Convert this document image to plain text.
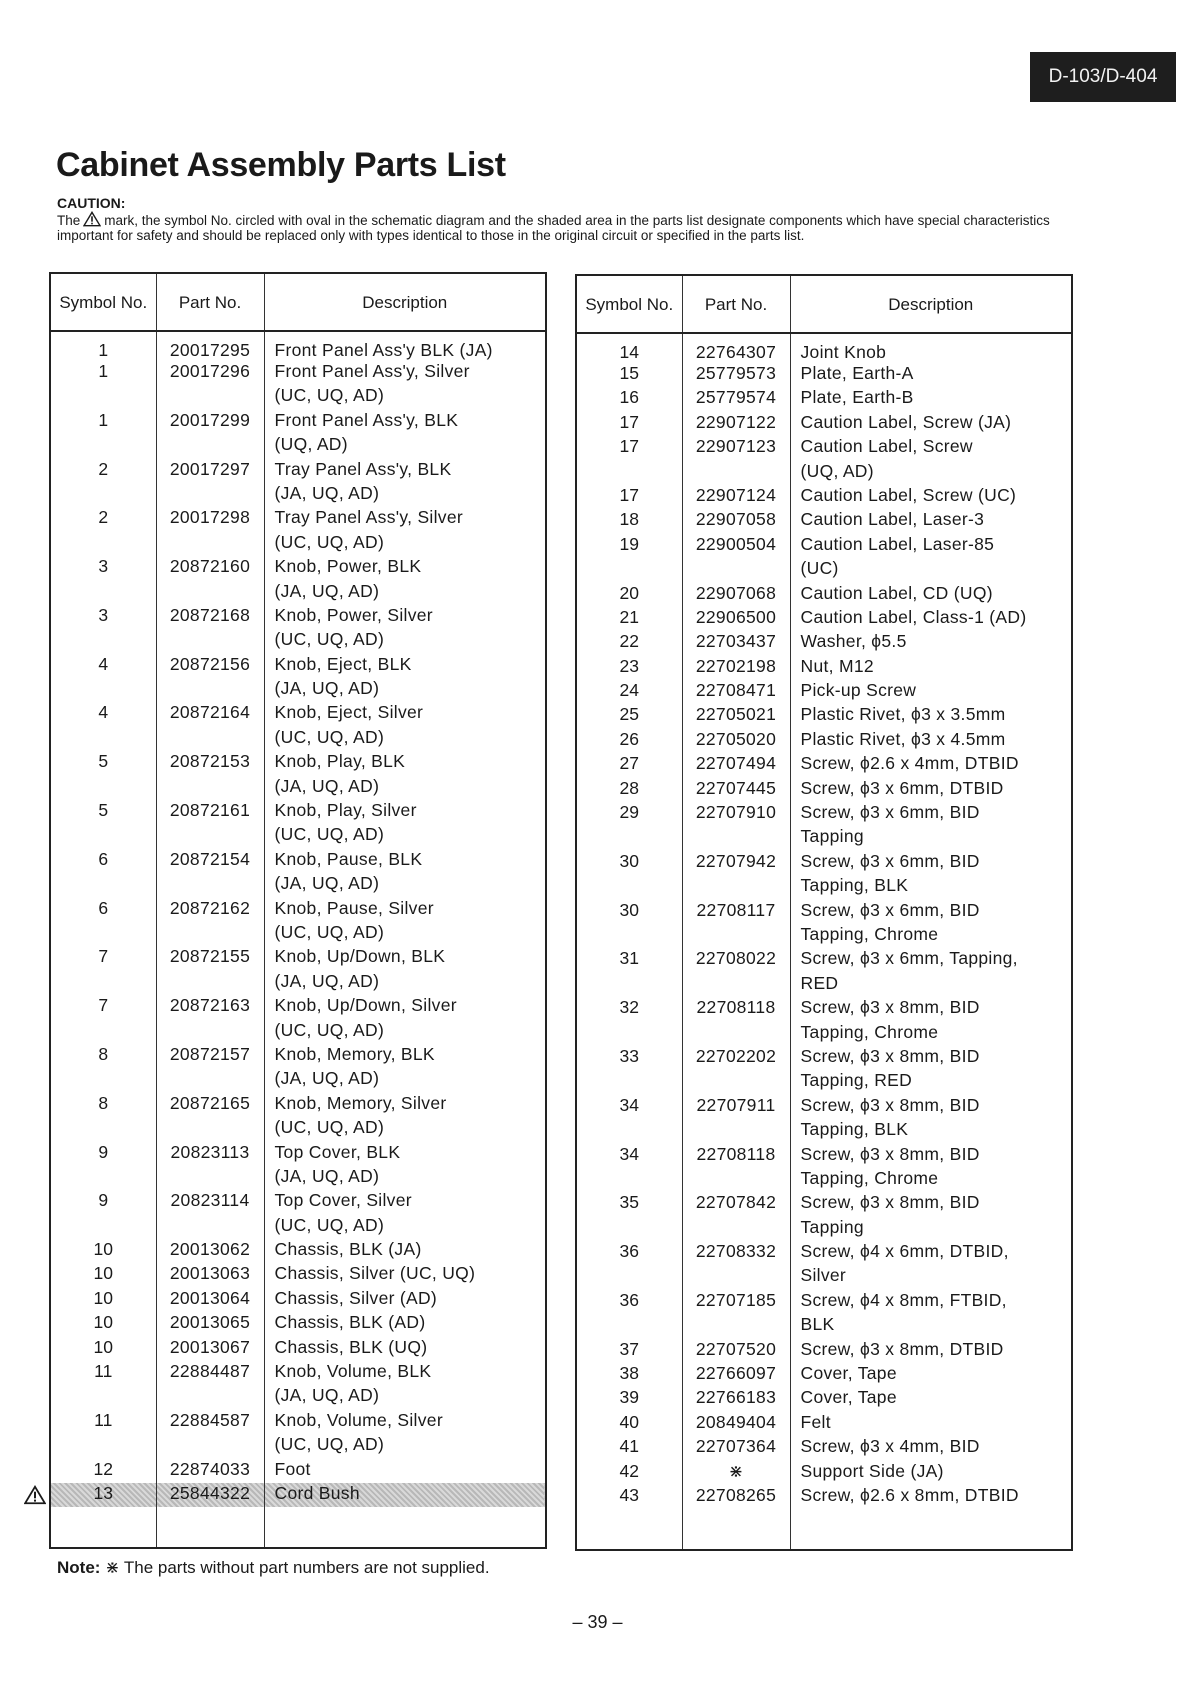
D-103/D-404
Cabinet Assembly Parts List
CAUTION:
The mark, the symbol No. circled with oval in the schematic diagram and the shaded area in the parts list designate components which have special characteristics important for safety and should be replaced only with types identical to those in the original circuit or specified in the parts list.
Symbol No.	Part No.	Description
1	20017295	Front Panel Ass'y BLK (JA)
1	20017296	Front Panel Ass'y, Silver
		(UC, UQ, AD)
1	20017299	Front Panel Ass'y, BLK
		(UQ, AD)
2	20017297	Tray Panel Ass'y, BLK
		(JA, UQ, AD)
2	20017298	Tray Panel Ass'y, Silver
		(UC, UQ, AD)
3	20872160	Knob, Power, BLK
		(JA, UQ, AD)
3	20872168	Knob, Power, Silver
		(UC, UQ, AD)
4	20872156	Knob, Eject, BLK
		(JA, UQ, AD)
4	20872164	Knob, Eject, Silver
		(UC, UQ, AD)
5	20872153	Knob, Play, BLK
		(JA, UQ, AD)
5	20872161	Knob, Play, Silver
		(UC, UQ, AD)
6	20872154	Knob, Pause, BLK
		(JA, UQ, AD)
6	20872162	Knob, Pause, Silver
		(UC, UQ, AD)
7	20872155	Knob, Up/Down, BLK
		(JA, UQ, AD)
7	20872163	Knob, Up/Down, Silver
		(UC, UQ, AD)
8	20872157	Knob, Memory, BLK
		(JA, UQ, AD)
8	20872165	Knob, Memory, Silver
		(UC, UQ, AD)
9	20823113	Top Cover, BLK
		(JA, UQ, AD)
9	20823114	Top Cover, Silver
		(UC, UQ, AD)
10	20013062	Chassis, BLK (JA)
10	20013063	Chassis, Silver (UC, UQ)
10	20013064	Chassis, Silver (AD)
10	20013065	Chassis, BLK (AD)
10	20013067	Chassis, BLK (UQ)
11	22884487	Knob, Volume, BLK
		(JA, UQ, AD)
11	22884587	Knob, Volume, Silver
		(UC, UQ, AD)
12	22874033	Foot
13	25844322	Cord Bush

Symbol No.	Part No.	Description
14	22764307	Joint Knob
15	25779573	Plate, Earth-A
16	25779574	Plate, Earth-B
17	22907122	Caution Label, Screw (JA)
17	22907123	Caution Label, Screw
		(UQ, AD)
17	22907124	Caution Label, Screw (UC)
18	22907058	Caution Label, Laser-3
19	22900504	Caution Label, Laser-85
		(UC)
20	22907068	Caution Label, CD (UQ)
21	22906500	Caution Label, Class-1 (AD)
22	22703437	Washer, ϕ5.5
23	22702198	Nut, M12
24	22708471	Pick-up Screw
25	22705021	Plastic Rivet, ϕ3 x 3.5mm
26	22705020	Plastic Rivet, ϕ3 x 4.5mm
27	22707494	Screw, ϕ2.6 x 4mm, DTBID
28	22707445	Screw, ϕ3 x 6mm, DTBID
29	22707910	Screw, ϕ3 x 6mm, BID
		Tapping
30	22707942	Screw, ϕ3 x 6mm, BID
		Tapping, BLK
30	22708117	Screw, ϕ3 x 6mm, BID
		Tapping, Chrome
31	22708022	Screw, ϕ3 x 6mm, Tapping,
		RED
32	22708118	Screw, ϕ3 x 8mm, BID
		Tapping, Chrome
33	22702202	Screw, ϕ3 x 8mm, BID
		Tapping, RED
34	22707911	Screw, ϕ3 x 8mm, BID
		Tapping, BLK
34	22708118	Screw, ϕ3 x 8mm, BID
		Tapping, Chrome
35	22707842	Screw, ϕ3 x 8mm, BID
		Tapping
36	22708332	Screw, ϕ4 x 6mm, DTBID,
		Silver
36	22707185	Screw, ϕ4 x 8mm, FTBID,
		BLK
37	22707520	Screw, ϕ3 x 8mm, DTBID
38	22766097	Cover, Tape
39	22766183	Cover, Tape
40	20849404	Felt
41	22707364	Screw, ϕ3 x 4mm, BID
42	⋇	Support Side (JA)
43	22708265	Screw, ϕ2.6 x 8mm, DTBID

Note: ⋇ The parts without part numbers are not supplied.
– 39 –
